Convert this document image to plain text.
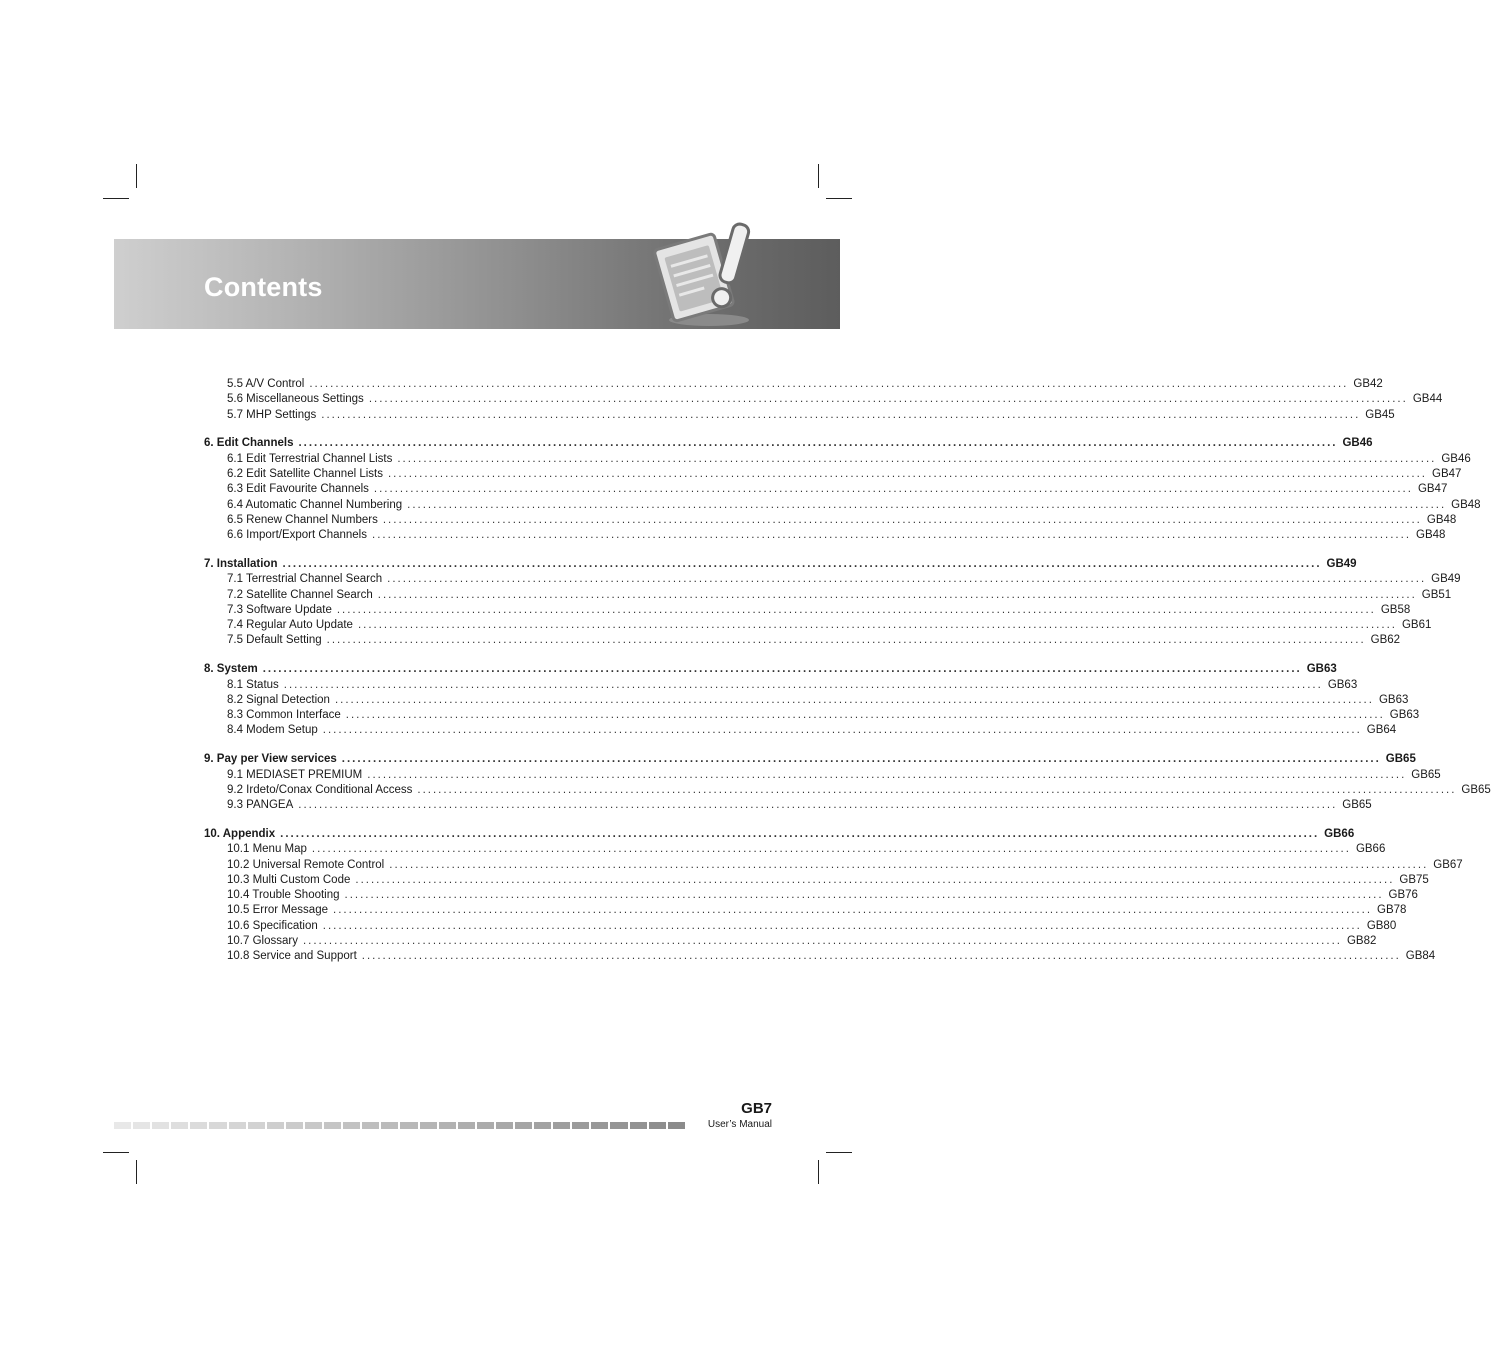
Contents
5.5 A/V Control ........................................................................................................................................................................................................ GB42
5.6 Miscellaneous Settings ........................................................................................................................................................................................................ GB44
5.7 MHP Settings ........................................................................................................................................................................................................ GB45
6. Edit Channels ........................................................................................................................................................................................................ GB46
6.1 Edit Terrestrial Channel Lists ........................................................................................................................................................................................................ GB46
6.2 Edit Satellite Channel Lists ........................................................................................................................................................................................................ GB47
6.3 Edit Favourite Channels ........................................................................................................................................................................................................ GB47
6.4 Automatic Channel Numbering ........................................................................................................................................................................................................ GB48
6.5 Renew Channel Numbers ........................................................................................................................................................................................................ GB48
6.6 Import/Export Channels ........................................................................................................................................................................................................ GB48
7. Installation ........................................................................................................................................................................................................ GB49
7.1 Terrestrial Channel Search ........................................................................................................................................................................................................ GB49
7.2 Satellite Channel Search ........................................................................................................................................................................................................ GB51
7.3 Software Update ........................................................................................................................................................................................................ GB58
7.4 Regular Auto Update ........................................................................................................................................................................................................ GB61
7.5 Default Setting ........................................................................................................................................................................................................ GB62
8. System ........................................................................................................................................................................................................ GB63
8.1 Status ........................................................................................................................................................................................................ GB63
8.2 Signal Detection ........................................................................................................................................................................................................ GB63
8.3 Common Interface ........................................................................................................................................................................................................ GB63
8.4 Modem Setup ........................................................................................................................................................................................................ GB64
9. Pay per View services ........................................................................................................................................................................................................ GB65
9.1 MEDIASET PREMIUM ........................................................................................................................................................................................................ GB65
9.2 Irdeto/Conax Conditional Access ........................................................................................................................................................................................................ GB65
9.3 PANGEA ........................................................................................................................................................................................................ GB65
10. Appendix ........................................................................................................................................................................................................ GB66
10.1 Menu Map ........................................................................................................................................................................................................ GB66
10.2 Universal Remote Control ........................................................................................................................................................................................................ GB67
10.3 Multi Custom Code ........................................................................................................................................................................................................ GB75
10.4 Trouble Shooting ........................................................................................................................................................................................................ GB76
10.5 Error Message ........................................................................................................................................................................................................ GB78
10.6 Specification ........................................................................................................................................................................................................ GB80
10.7 Glossary ........................................................................................................................................................................................................ GB82
10.8 Service and Support ........................................................................................................................................................................................................ GB84

GB7

User’s Manual
